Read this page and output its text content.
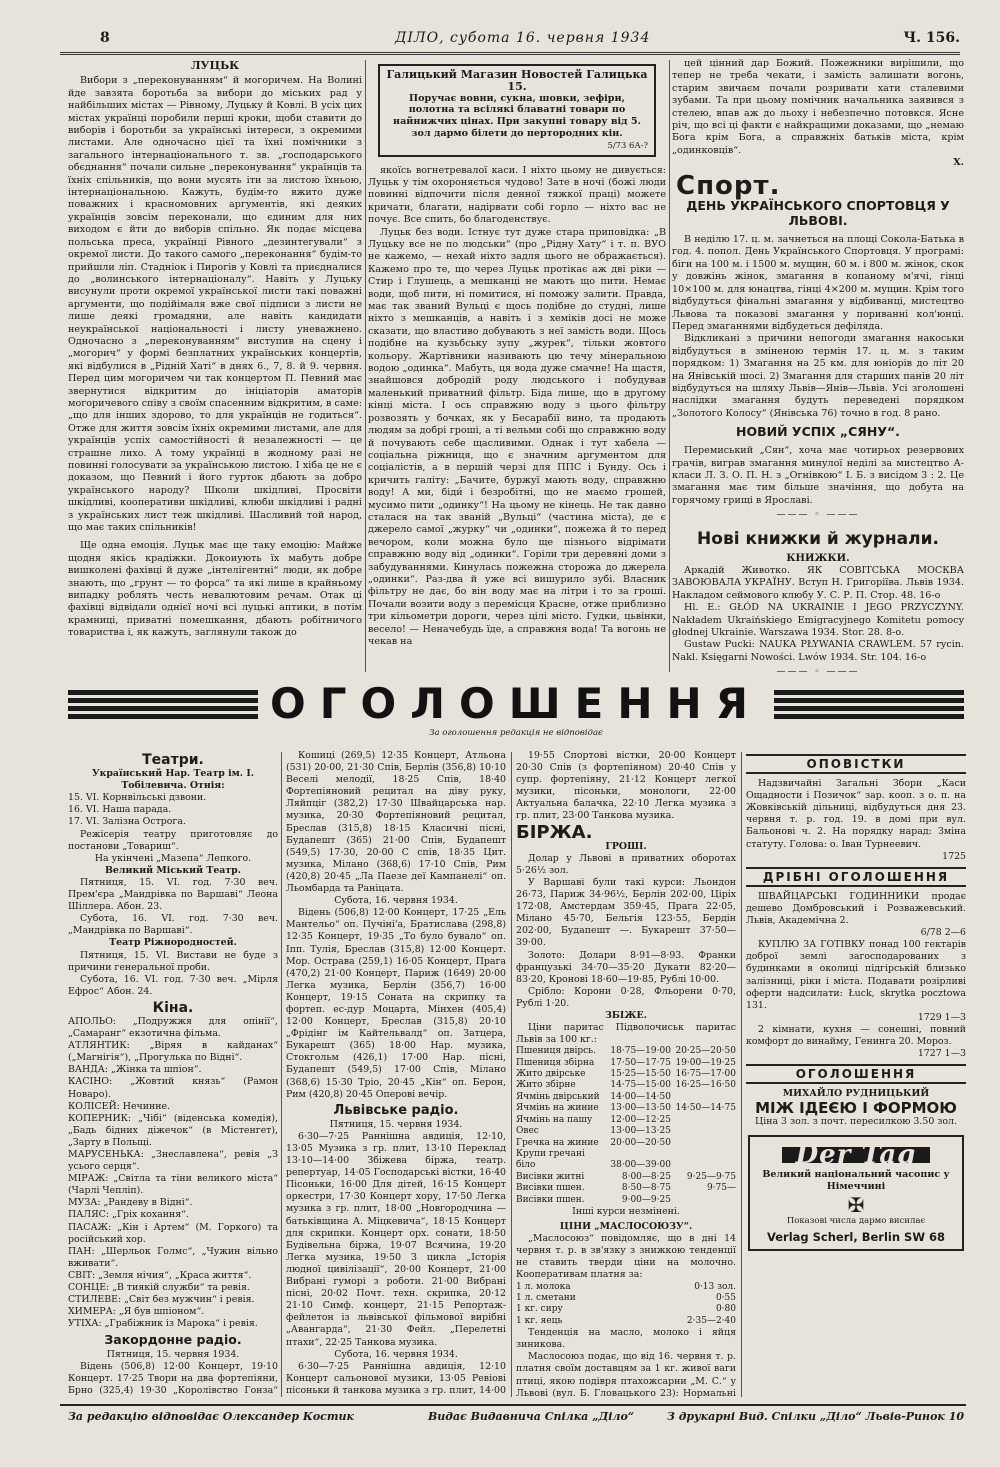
8	ДІЛО, субота 16. червня 1934	Ч. 156.
ЛУЦЬК

Вибори з „переконуванням“ й могоричем. На Волині йде завзята боротьба за вибори до міських рад у найбільших містах — Рівному, Луцьку й Ковлі. В усіх цих містах українці поробили перші кроки, щоби ставити до виборів і боротьби за українські інтереси, з окремими листами. Але одночасно цієї та їхні помічники з загального інтернаціонального т. зв. „господарського обєднання“ почали сильне „переконування“ українців та їхніх спільників, що вони мусять іти за листою їхньою, інтернаціональною. Кажуть, будім-то вжито дуже поважних і красномовних аргументів, які деяких українців зовсім переконали, що єдиним для них виходом є йти до виборів спільно. Як подає місцева польська преса, українці Рівного „дезинтегували“ з окремої листи. До такого самого „переконання“ будім-то прийшли ліп. Стадніок і Пирогів у Ковлі та приєдналися до „волинського інтернаціоналу“. Навіть у Луцьку висунули проти окремої української листи такі поважні аргументи, що подійімаля вже свої підписи з листи не лише деякі громадяни, але навіть кандидати неукраїнської національності і листу уневажнено. Одночасно з „переконуванням“ виступив на сцену і „могорич“ у формі безплатних українських концертів, які відбулися в „Рідній Хаті“ в днях 6., 7, 8. й 9. червня. Перед цим могоричем чи так концертом П. Певний має звернутися відкритим до ініціаторів аматорів могоричевого співу з своїм спасенним відкритим, в саме: „що для інших здорово, то для українців не годиться“. Отже для життя зовсім їхніх окремими листами, але для українців успіх самостійності й незалежності — це страшне лихо. А тому українці в жодному разі не повинні голосувати за українською листою. І хіба це не є доказом, що Певний і його гурток дбають за добро українського народу? Школи шкідливі, Просвіти шкідливі, кооперативи шкідливі, клюби шкідливі і радні з українських лист теж шкідливі. Шасливий той народ, що має таких спільників!

Ще одна емоція. Луцьк має ще таку емоцію: Майже щодня якісь крадіжки. Докоиують їх мабуть добре вишколені фахівці й дуже „інтелігентні“ люди, як добре знають, що „грунт — то форса“ та які лише в крайньому випадку роблять честь невалютовим речам. Отак ці фахівці відвідали однієї ночі всі луцькі аптики, в потім крамниці, приватні помешкання, дбають робітничого товариства і, як кажуть, заглянули також до

Галицький Магазин Новостей Галицька 15.
Поручає вовни, сукна, шовки, зефіри, полотна та всілякі блаватні товари по найнижчих цінах. При закупні товару від 5. зол дармо білети до пертородних кін.
5/73 6А-?

якоїсь вогнетревалої каси. І ніхто цьому не дивується: Луцьк у тім охороняється чудово! Зате в ночі (божі люди повинні відпочити після денної тяжкої праці) можете кричати, благати, надірвати собі горло — ніхто вас не почує. Все спить, бо благоденствує.

Луцьк без води. Істнує тут дуже стара приповідка: „В Луцьку все не по людськи“ (про „Рідну Хату“ і т. п. ВУО не кажемо, — нехай ніхто задля цього не ображається). Кажемо про те, що через Луцьк протікає аж дві ріки — Стир і Глушець, а мешканці не мають що пити. Немає води, щоб пити, ні помитися, ні поможу залити. Правда, має так званий Вульці є щось подібне до студні, лише ніхто з мешканців, а навіть і з хеміків досі не може сказати, що властиво добувають з неї замість води. Щось подібне на кузьбську зупу „журек“, тільки жовтого кольору. Жартівники називають цю течу мінеральною водою „одинка“. Мабуть, ця вода дуже смачне! На щастя, знайшовся добродій роду людського і побудував маленький приватний фільтр. Біда лише, що в другому кінці міста. І ось справжню воду з цього фільтру розвозять у бочках, як у Бесарабії вино, та продають людям за добрі гроші, а ті вельми собі що справжню воду й почувають себе щасливими. Однак і тут хабела — соціальна ріжниця, що є значним аргументом для соціалістів, а в першій черзі для ППС і Бунду. Ось і кричить галіту: „Бачите, буржуї мають воду, справжню воду! А ми, біди́ і безробітні, що не маємо грошей, мусимо пити „одинку“! На цьому не кінець. Не так давно сталася на так званій „Вульці“ (частина міста), де є джерело самої „журку“ чи „одинки“, пожежа й то перед вечором, коли можна було ще пізнього відрімати справжню воду від „одинки“. Горіли три деревяні доми з забудуваннями. Кинулась пожежна сторожа до джерела „одинки“. Раз-два й уже всі вишурило зубі. Власник фільтру не дає, бо він воду має на літри і то за гроші. Почали возити воду з перемісця Красне, отже приблизно три кільометри дороги, через цілі місто. Гудки, цьвінки, весело! — Неначебудь їде, а справжня вода! Та вогонь не чекав на

цей цінний дар Божий. Пожежники вирішили, що тепер не треба чекати, і замість залишати вогонь, старим звичаєм почали розривати хати сталевими зубами. Та при цьому помічник начальника заявився з стелею, впав аж до льоху і небезпечно потовкся. Ясне річ, що всі ці факти є найкращими доказами, що „немаю Бога крім Бога, а справжніх батьків міста, крім „одинковців“.

Х.
Спорт.
ДЕНЬ УКРАЇНСЬКОГО СПОРТОВЦЯ У ЛЬВОВІ.

В неділю 17. ц. м. зачнеться на площі Сокола-Батька в год. 4. попол. День Українського Спортовця. У програмі: біги на 100 м. і 1500 м. мущин, 60 м. і 800 м. жінок, скок у довжінь жінок, змагання в копаному м'ячі, гінці 10×100 м. для юнацтва, гінці 4×200 м. мущин. Крім того відбудуться фінальні змагання у відбиванці, мистецтво Львова та показові змагання у пориванні кол'юнці. Перед змаганнями відбудеться дефіляда.

Відкликані з причини непогоди змагання накоськи відбудуться в зміненою термін 17. ц. м. з таким порядком: 1) Змагання на 25 км. для юніорів до літ 20 на Янівській шосі. 2) Змагання для старших панів 20 літ відбудуться на шляху Львів—Янів—Львів. Усі зголошені наслідки змагання будуть переведені порядком „Золотого Колосу“ (Янівська 76) точно в год. 8 рано.

НОВИЙ УСПІХ „СЯНУ“.

Перемиський „Сян“, хоча має чотирьох резервових грачів, виграв змагання минулої неділі за мистецтво А-класи Л. З. О. П. Н. з „Огнівкою“ І. Б. з висідом 3 : 2. Це змагання має тим більше значіння, що добута на горячому грищі в Ярославі.

——— ◦ ———
Нові книжки й журнали.
КНИЖКИ.

Аркадій Животко. ЯК СОВІТСЬКА МОСКВА ЗАВОЮВАЛА УКРАЇНУ. Вступ Н. Григоріїва. Львів 1934. Накладом сеймового клюбу У. С. Р. П. Стор. 48. 16-о

Hl. E.: GŁÓD NA UKRAINIE I JEGO PRZYCZYNY. Nakładem Ukraińskiego Emigracyjnego Komitetu pomocy głodnej Ukrainie. Warszawa 1934. Stor. 28. 8-о.

Gustaw Pucki: NAUKA PŁYWANIA CRAWLEM. 57 rycin. Nakl. Księgarni Nowości. Lwów 1934. Str. 104. 16-о

——— ◦ ———
ОГОЛОШЕННЯ
За оголошення редакція не відповідає
Театри.
Український Нар. Театр ім. І. Тобілевича. Отнія:
15. VI. Корнвільські дзвони.
16. VI. Наша парада.
17. VI. Залізна Острога.

Режісерія театру приготовляє до постанови „Товариш“.

На укінчені „Мазепа“ Лепкого.
Великий Міський Театр.

Пятниця, 15. VI. год. 7·30 веч. Прем'єра „Мандрівка по Варшаві“ Леона Шіллера. Абон. 23.

Субота, 16. VI. год. 7·30 веч. „Мандрівка по Варшаві“.

Театр Ріжнородностей.

Пятниця, 15. VI. Вистави не буде з причини генеральної проби.

Субота, 16. VI. год. 7·30 веч. „Мірля Ефрос“ Абон. 24.

Кіна.
АПОЛЬО: „Подружжя для опінії“, „Самаранг“ екзотична фільма.
АТЛЯНТИК: „Віряя в кайданах“ („Магнігія“), „Прогулька по Відні“.
ВАНДА: „Жінка та шпіон“.
КАСІНО: „Жовтий князь“ (Рамон Новаро).
КОЛІСЕЙ: Нечинне.
КОПЕРНИК: „Чібі“ (віденська комедія), „Бадь бідних діжечок“ (в Містенгет), „Зарту в Польщі.
МАРУСЕНЬКА: „Знеславлена“, ревія „З усього серця“.
МІРАЖ: „Світла та тіни великого міста“ (Чарлі Чепліп).
МУЗА: „Рандеву в Відні“.
ПАЛЯС: „Гріх кохання“.
ПАСАЖ: „Кін і Артем“ (М. Горкого) та російський хор.
ПАН: „Шерльок Голмс“, „Чужин вільно вживати“.
СВІТ: „Земля нічия“, „Краса життя“.
СОНЦЕ: „В тиякій служби“ та ревія.
СТИЛЕВЕ: „Світ без мужчин“ і ревія.
ХИМЕРА: „Я був шпіоном“.
УТІХА: „Грабіжник із Марока“ і ревія.
Закордонне радіо.
Пятниця, 15. червня 1934.

Відень (506,8) 12·00 Концерт, 19·10 Концерт. 17·25 Твори на два фортепіяни, Брно (325,4) 19·30 „Королівство Гонза“

Кошиці (269,5) 12·35 Концерт, Атльона (531) 20·00, 21·30 Спів, Берлін (356,8) 10·10 Веселі мелодії, 18·25 Спів, 18·40 Фортепіяновий рецитал на діву руку, Ляйпціг (382,2) 17·30 Швайцарська нар. музика, 20·30 Фортепіяновий рецитал, Бреслав (315,8) 18·15 Класичні пісні, Будапешт (365) 21·00 Спів, Будапешт (549,5) 17·30, 20·00 С спів, 18·35 Цит. музика, Мілано (368,6) 17·10 Спів, Рим (420,8) 20·45 „Ла Паезе деї Кампанелі“ оп. Льомбарда та Раніцата.

Субота, 16. червня 1934.

Відень (506,8) 12·00 Концерт, 17·25 „Ель Мантельо“ оп. Пучіні'а, Братислава (298,8) 12·35 Концерт, 19·35 „То було бувало“ оп. Іпп. Тулія, Бреслав (315,8) 12·00 Концерт. Мор. Острава (259,1) 16·05 Концерт, Прага (470,2) 21·00 Концерт, Париж (1649) 20·00 Легка музика, Берлін (356,7) 16·00 Концерт, 19·15 Соната на скрипку та фортеп. ес-дур Моцарта, Мінхен (405,4) 12·00 Концерт, Бреслав (315,8) 20·10 „Фрідінг ім Кайтельвалд“ оп. Затцера, Букарешт (365) 18·00 Нар. музика, Стокгольм (426,1) 17·00 Нар. пісні, Будапешт (549,5) 17·00 Спів, Мілано (368,6) 15·30 Тріо, 20·45 „Кін“ оп. Берон, Рим (420,8) 20·45 Оперові вечір.

Львівське радіо.
Пятниця, 15. червня 1934.

6·30—7·25 Раннішна авдиція, 12·10, 13·05 Музика з гр. плит, 13·10 Переклад 13·10—14·00 Збіжева біржа, театр. репертуар, 14·05 Господарські вістки, 16·40 Пісоньки, 16·00 Для дітей, 16·15 Концерт оркестри, 17·30 Концерт хору, 17·50 Легка музика з гр. плит, 18·00 „Новгородчина — батьківщина А. Міцкевича“, 18·15 Концерт для скрипки. Концерт орх. сонати, 18·50 Будівельна біржа, 19·07 Всячина, 19·20 Легка музика, 19·50 З цикла „Історія людної цивілізації“, 20·00 Концерт, 21·00 Вибрані гуморі з роботи. 21·00 Вибрані пісні, 20·02 Почт. техн. скрипка, 20·12 21·10 Симф. концерт, 21·15 Репортаж-фейлетон із львівської фільмової вирібні „Авангарда“, 21·30 Фейл. „Перелетні птахи“, 22·25 Танкова музика.

Субота, 16. червня 1934.

6·30—7·25 Раннішна авдиція, 12·10 Концерт сальонової музики, 13·05 Ревіові пісоньки й танкова музика з гр. плит, 14·00

19·55 Спортові вістки, 20·00 Концерт 20·30 Спів (з фортепіяном) 20·40 Спів у супр. фортепіяну, 21·12 Концерт легкої музики, пісоньки, монологи, 22·00 Актуальна балачка, 22·10 Легка музика з гр. плит, 23·00 Танкова музика.

БІРЖА.
ГРОШІ.

Долар у Львові в приватних оборотах 5·26½ зол.

У Варшаві були такі курси: Льондон 26·73, Париж 34·96½, Берлін 202·00, Ціріх 172·08, Амстердам 359·45, Прага 22·05, Мілано 45·70, Бельгія 123·55, Бердін 202·00, Будапешт —. Букарешт 37·50—39·00.

Золото: Долари 8·91—8·93. Франки французькі 34·70—35·20 Дукати 82·20—83·20, Кронові 18·60—19·85, Рублі 10·00.

Срібло: Корони 0·28, Фльорени 0·70, Рублі 1·20.

ЗБІЖЕ.

Ціни паритас Підволочиськ паритас Львів за 100 кг.:

Пшениця двірсь.	18·75—19·00	20·25—20·50
Пшениця збірна	17·50—17·75	19·00—19·25
Жито двірське	15·25—15·50	16·75—17·00
Жито збірне	14·75—15·00	16·25—16·50
Ячмінь двірський	14·00—14·50	
Ячмінь на жиние	13·00—13·50	14·50—14·75
Ячмінь на пашу	12·00—12·25	
Овес	13·00—13·25	
Гречка на жиние	20·00—20·50	
Крупи гречані		
біло	38·00—39·00	
Висівки житні	8·00—8·25	9·25—9·75
Висівки пшен.	8·50—8·75	9·75—
Висівки пшен.	9·00—9·25	
Інші курси незмінені.
ЦІНИ „МАСЛОСОЮЗУ“.

„Маслосоюз“ повідомляє, що в дні 14 червня т. р. в зв'язку з знижкою тенденції не ставить тверди ціни на молочно. Кооперативам платня за:

1 л. молока	0·13 зол.
1 л. сметани	0·55
1 кг. сиру	0·80
1 кг. яець	2·35—2·40

Тенденція на масло, молоко і яйця зиникова.

Маслосоюз подає, що від 16. червня т. р. платня своїм доставцям за 1 кг. живої ваги птиці, якою подівря птахожсарни „М. С.“ у Львові (вул. Б. Гловацького 23): Нормальні

ОПОВІСТКИ

Надзвичайні Загальні Збори „Каси Ощадности і Позичок“ зар. кооп. з о. п. на Жовківській дільниці, відбудуться дня 23. червня т. р. год. 19. в домі при вул. Бальонові ч. 2. На порядку нарад: Зміна статуту. Голова: о. Іван Турнеевич.

1725
ДРІБНІ ОГОЛОШЕННЯ

ШВАЙЦАРСЬКІ ГОДИННИКИ продає дешево Домбровський і Розважевський. Львів, Академічна 2.

6/78 2—6

КУПЛЮ ЗА ГОТІВКУ понад 100 гектарів доброї землі загосподарованих з будинками в околиці підгірській близько залізниці, ріки і міста. Подавати розірливі оферти надсилати: Łuck, skrytka pocztowa 131.

1729 1—3

2 кімнати, кухня — сонешні, повний комфорт до винайму, Генинга 20. Мороз.

1727 1—3
ОГОЛОШЕННЯ
МИХАЙЛО РУДНИЦЬКИЙ
МІЖ ІДЕЄЮ І ФОРМОЮ
Ціна 3 зол. з почт. пересилкою 3.50 зол.
Der Tag
Великий національний часопис у Німеччині
✠
Показові числа дармо висилає
Verlag Scherl, Berlin SW 68
За редакцію відповідає Олександер Костик	Видає Видавнича Спілка „Діло“	З друкарні Вид. Спілки „Діло“ Львів-Ринок 10
